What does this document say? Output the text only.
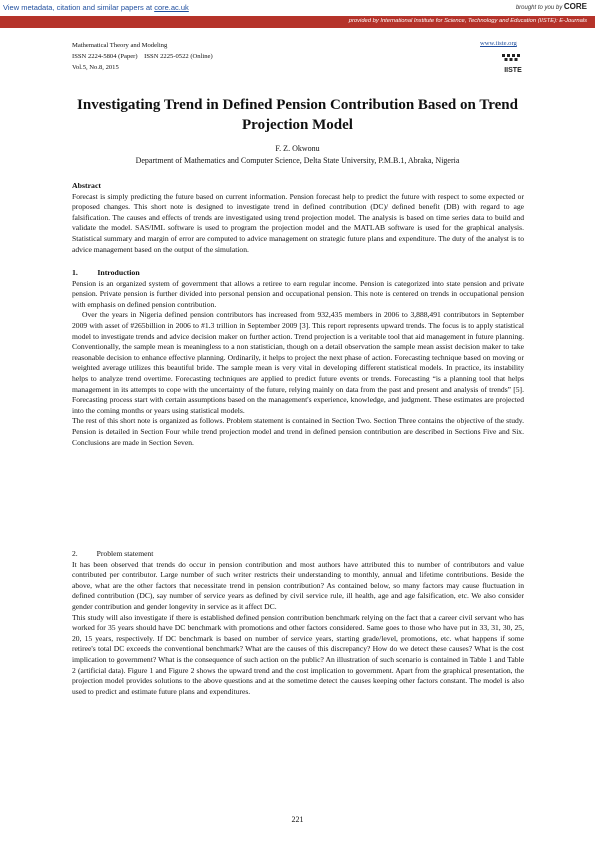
View metadata, citation and similar papers at core.ac.uk	brought to you by CORE
provided by International Institute for Science, Technology and Education (IISTE): E-Journals
Mathematical Theory and Modeling
ISSN 2224-5804 (Paper)    ISSN 2225-0522 (Online)
Vol.5, No.8, 2015
www.iiste.org
IISTE
Investigating Trend in Defined Pension Contribution Based on Trend Projection Model
F. Z. Okwonu
Department of Mathematics and Computer Science, Delta State University, P.M.B.1, Abraka, Nigeria
Abstract

Forecast is simply predicting the future based on current information. Pension forecast help to predict the future with respect to some expected or proposed changes. This short note is designed to investigate trend in defined contribution (DC)/ defined benefit (DB) with regard to age falsification. The causes and effects of trends are investigated using trend projection model. The analysis is based on time series data to build and validate the model. SAS/IML software is used to program the projection model and the MATLAB software is used for the graphical analysis. Statistical summary and margin of error are computed to advice management on strategic future plans and expenditure. The duty of the analyst is to advice management based on the output of the simulation.

1.          Introduction

Pension is an organized system of government that allows a retiree to earn regular income. Pension is categorized into state pension and private pension. Private pension is further divided into personal pension and occupational pension. This note is centered on trends in occupational pension with emphasis on defined pension contribution.

Over the years in Nigeria defined pension contributors has increased from 932,435 members in 2006 to 3,888,491 contributors in September 2009 with asset of #265billion in 2006 to #1.3 trillion in September 2009 [3]. This report represents upward trends. The focus is to apply statistical model to investigate trends and advice decision maker on further action. Trend projection is a veritable tool that aid management in future planning. Conventionally, the sample mean is meaningless to a non statistician, though on a detail observation the sample mean assist decision maker to take reasonable decision to enhance effective planning. Ordinarily, it helps to project the next phase of action. Forecasting technique based on moving or weighted average utilizes this beautiful bride. The sample mean is very vital in developing different statistical models. In practice, its instability helps to analyze trend overtime. Forecasting techniques are applied to predict future events or trends. Forecasting “is a planning tool that helps management in its attempts to cope with the uncertainty of the future, relying mainly on data from the past and present and analysis of trends” [5]. Forecasting process start with certain assumptions based on the management's experience, knowledge, and judgment. These estimates are projected into the coming months or years using statistical models.

The rest of this short note is organized as follows. Problem statement is contained in Section Two. Section Three contains the objective of the study. Pension is detailed in Section Four while trend projection model and trend in defined pension contribution are described in Sections Five and Six. Conclusions are made in Section Seven.

2.          Problem statement

It has been observed that trends do occur in pension contribution and most authors have attributed this to number of contributors and value contributed per contributor. Large number of such writer restricts their understanding to monthly, annual and lifetime contributions. Beside the above, what are the other factors that necessitate trend in pension contribution? As contained below, so many factors may cause fluctuation in defined contribution (DC), say number of service years as defined by civil service rule, ill health, age and age falsification, etc. We also consider gender contribution and gender longevity in service as it affect DC.

This study will also investigate if there is established defined pension contribution benchmark relying on the fact that a career civil servant who has worked for 35 years should have DC benchmark with promotions and other factors considered. Same goes to those who have put in 33, 31, 30, 25, 20, 15 years, respectively. If DC benchmark is based on number of service years, starting grade/level, promotions, etc. what happens if some retiree's total DC exceeds the conventional benchmark? What are the causes of this discrepancy? How do we detect these causes? What is the cost implication to government? What is the consequence of such action on the public? An illustration of such scenario is contained in Table 1 and Table 2 (artificial data). Figure 1 and Figure 2 shows the upward trend and the cost implication to government. Apart from the graphical presentation, the projection model provides solutions to the above questions and at the sometime detect the causes keeping other factors constant. The model is also used to predict and estimate future plans and expenditures.

221
